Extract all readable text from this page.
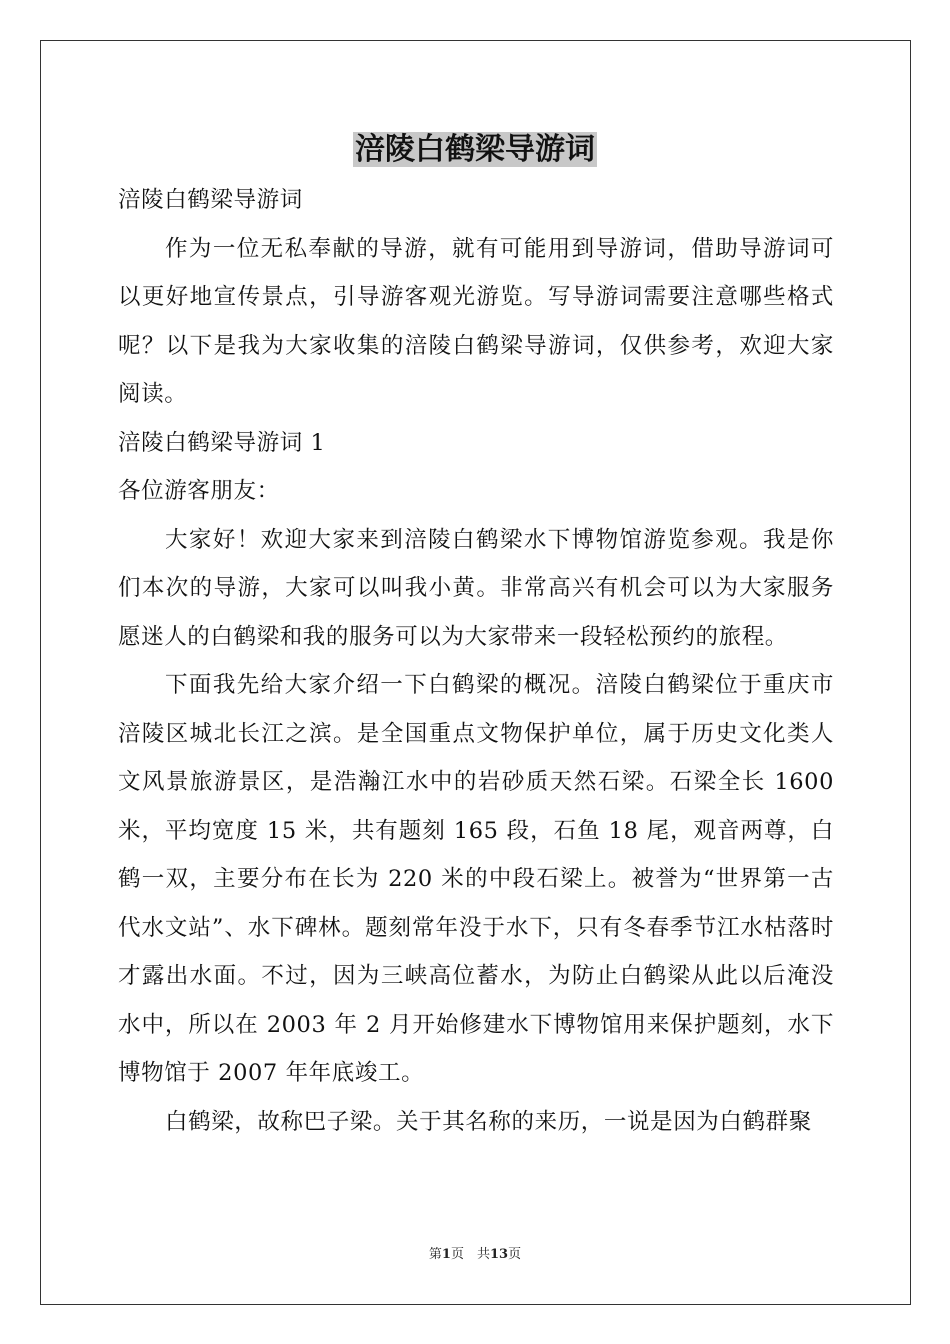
涪陵白鹤梁导游词

涪陵白鹤梁导游词

作为一位无私奉献的导游，就有可能用到导游词，借助导游词可以更好地宣传景点，引导游客观光游览。写导游词需要注意哪些格式呢？以下是我为大家收集的涪陵白鹤梁导游词，仅供参考，欢迎大家阅读。

涪陵白鹤梁导游词 1

各位游客朋友：

大家好！欢迎大家来到涪陵白鹤梁水下博物馆游览参观。我是你们本次的导游，大家可以叫我小黄。非常高兴有机会可以为大家服务愿迷人的白鹤梁和我的服务可以为大家带来一段轻松预约的旅程。

下面我先给大家介绍一下白鹤梁的概况。涪陵白鹤梁位于重庆市涪陵区城北长江之滨。是全国重点文物保护单位，属于历史文化类人文风景旅游景区，是浩瀚江水中的岩砂质天然石梁。石梁全长 1600 米，平均宽度 15 米，共有题刻 165 段，石鱼 18 尾，观音两尊，白鹤一双，主要分布在长为 220 米的中段石梁上。被誉为“世界第一古代水文站”、水下碑林。题刻常年没于水下，只有冬春季节江水枯落时才露出水面。不过，因为三峡高位蓄水，为防止白鹤梁从此以后淹没水中，所以在 2003 年 2 月开始修建水下博物馆用来保护题刻，水下博物馆于 2007 年年底竣工。

白鹤梁，故称巴子梁。关于其名称的来历，一说是因为白鹤群聚

第1页　共13页
